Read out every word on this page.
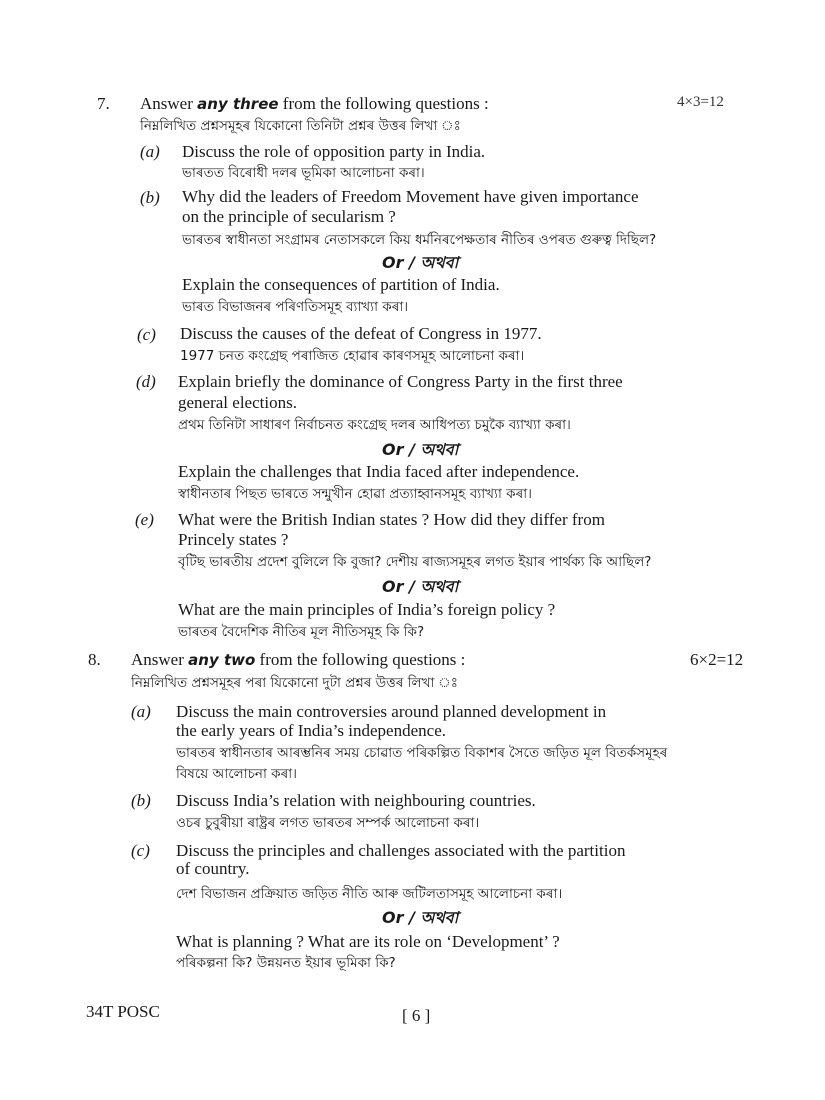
7. Answer any three from the following questions :	4×3=12
নিম্নলিখিত প্ৰশ্নসমূহৰ যিকোনো তিনিটা প্ৰশ্নৰ উত্তৰ লিখা ঃ
(a) Discuss the role of opposition party in India.
ভাৰতত বিৰোধী দলৰ ভূমিকা আলোচনা কৰা।
(b) Why did the leaders of Freedom Movement have given importance
on the principle of secularism ?
ভাৰতৰ স্বাধীনতা সংগ্ৰামৰ নেতাসকলে কিয় ধৰ্মনিৰপেক্ষতাৰ নীতিৰ ওপৰত গুৰুত্ব দিছিল?
Or / অথবা
Explain the consequences of partition of India.
ভাৰত বিভাজনৰ পৰিণতিসমূহ ব্যাখ্যা কৰা।
(c) Discuss the causes of the defeat of Congress in 1977.
1977 চনত কংগ্ৰেছ পৰাজিত হোৱাৰ কাৰণসমূহ আলোচনা কৰা।
(d) Explain briefly the dominance of Congress Party in the first three
general elections.
প্ৰথম তিনিটা সাধাৰণ নিৰ্বাচনত কংগ্ৰেছ দলৰ আধিপত্য চমুকৈ ব্যাখ্যা কৰা।
Or / অথবা
Explain the challenges that India faced after independence.
স্বাধীনতাৰ পিছত ভাৰতে সন্মুখীন হোৱা প্ৰত্যাহ্বানসমূহ ব্যাখ্যা কৰা।
(e) What were the British Indian states ? How did they differ from
Princely states ?
বৃটিছ ভাৰতীয় প্ৰদেশ বুলিলে কি বুজা? দেশীয় ৰাজ্যসমূহৰ লগত ইয়াৰ পাৰ্থক্য কি আছিল?
Or / অথবা
What are the main principles of India’s foreign policy ?
ভাৰতৰ বৈদেশিক নীতিৰ মূল নীতিসমূহ কি কি?
8. Answer any two from the following questions :	6×2=12
নিম্নলিখিত প্ৰশ্নসমূহৰ পৰা যিকোনো দুটা প্ৰশ্নৰ উত্তৰ লিখা ঃ
(a) Discuss the main controversies around planned development in
the early years of India’s independence.
ভাৰতৰ স্বাধীনতাৰ আৰম্ভনিৰ সময় চোৱাত পৰিকল্পিত বিকাশৰ সৈতে জড়িত মূল বিতৰ্কসমূহৰ
বিষয়ে আলোচনা কৰা।
(b) Discuss India’s relation with neighbouring countries.
ওচৰ চুবুৰীয়া ৰাষ্ট্ৰৰ লগত ভাৰতৰ সম্পৰ্ক আলোচনা কৰা।
(c) Discuss the principles and challenges associated with the partition
of country.
দেশ বিভাজন প্ৰক্ৰিয়াত জড়িত নীতি আৰু জটিলতাসমূহ আলোচনা কৰা।
Or / অথবা
What is planning ? What are its role on ‘Development’ ?
পৰিকল্পনা কি? উন্নয়নত ইয়াৰ ভূমিকা কি?
34T POSC	[ 6 ]
